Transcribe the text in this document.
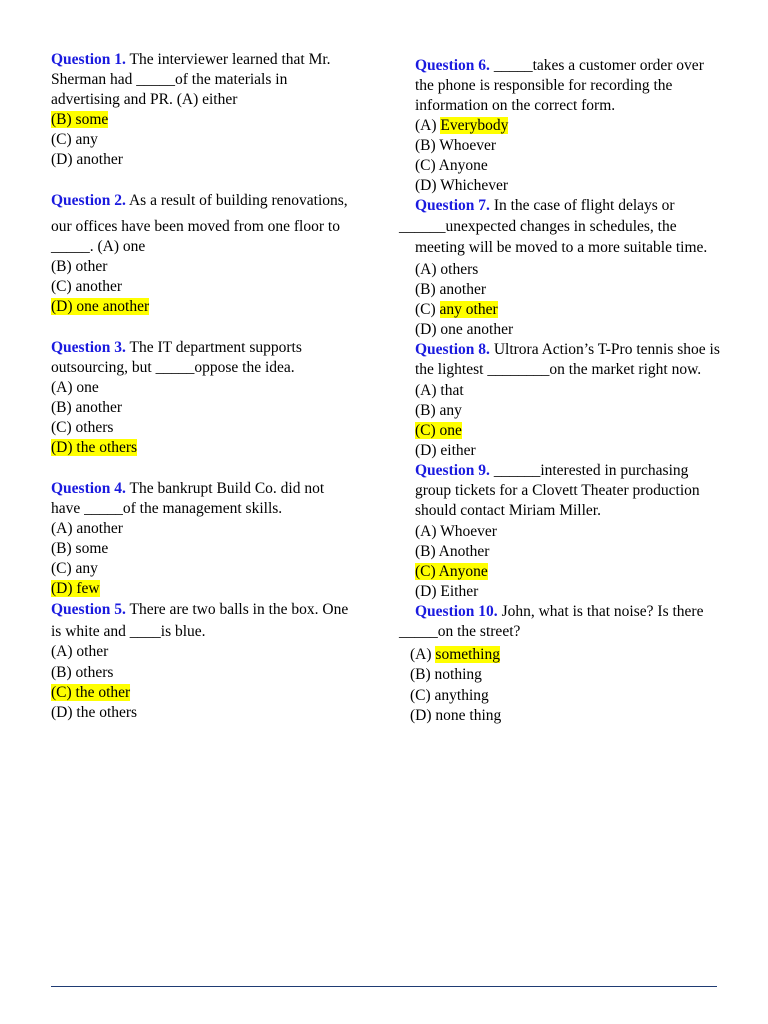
Question 1. The interviewer learned that Mr.
Sherman had _____of the materials in
advertising and PR. (A) either
(B) some
(C) any
(D) another
Question 2. As a result of building renovations,
our offices have been moved from one floor to
_____. (A) one
(B) other
(C) another
(D) one another
Question 3. The IT department supports
outsourcing, but _____oppose the idea.
(A) one
(B) another
(C) others
(D) the others
Question 4. The bankrupt Build Co. did not
have _____of the management skills.
(A) another
(B) some
(C) any
(D) few
Question 5. There are two balls in the box. One
is white and ____is blue.
(A) other
(B) others
(C) the other
(D) the others
Question 6. _____takes a customer order over
the phone is responsible for recording the
information on the correct form.
(A) Everybody
(B) Whoever
(C) Anyone
(D) Whichever
Question 7. In the case of flight delays or
______unexpected changes in schedules, the
meeting will be moved to a more suitable time.
(A) others
(B) another
(C) any other
(D) one another
Question 8. Ultrora Action’s T-Pro tennis shoe is
the lightest ________on the market right now.
(A) that
(B) any
(C) one
(D) either
Question 9. ______interested in purchasing
group tickets for a Clovett Theater production
should contact Miriam Miller.
(A) Whoever
(B) Another
(C) Anyone
(D) Either
Question 10. John, what is that noise? Is there
_____on the street?
(A) something
(B) nothing
(C) anything
(D) none thing
